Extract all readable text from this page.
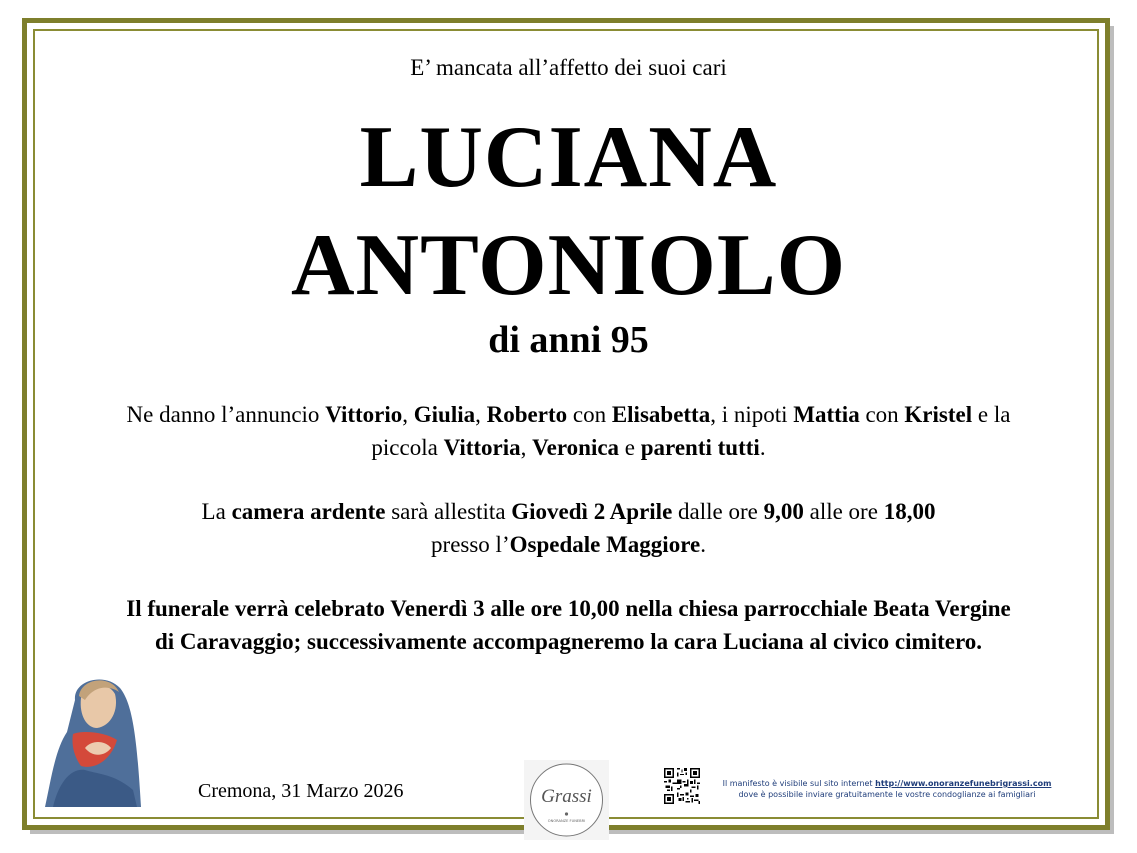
E’ mancata all’affetto dei suoi cari
LUCIANA
ANTONIOLO
di anni 95
Ne danno l’annuncio Vittorio, Giulia, Roberto con Elisabetta, i nipoti Mattia con Kristel e la
piccola Vittoria, Veronica e parenti tutti.
La camera ardente sarà allestita Giovedì 2 Aprile dalle ore 9,00 alle ore 18,00
presso l’Ospedale Maggiore.
Il funerale verrà celebrato Venerdì 3 alle ore 10,00 nella chiesa parrocchiale Beata Vergine
di Caravaggio; successivamente accompagneremo la cara Luciana al civico cimitero.
Cremona, 31 Marzo 2026	Grassi
ONORANZE FUNEBRI
Il manifesto è visibile sul sito internet http://www.onoranzefunebrigrassi.com
dove è possibile inviare gratuitamente le vostre condoglianze ai famigliari
